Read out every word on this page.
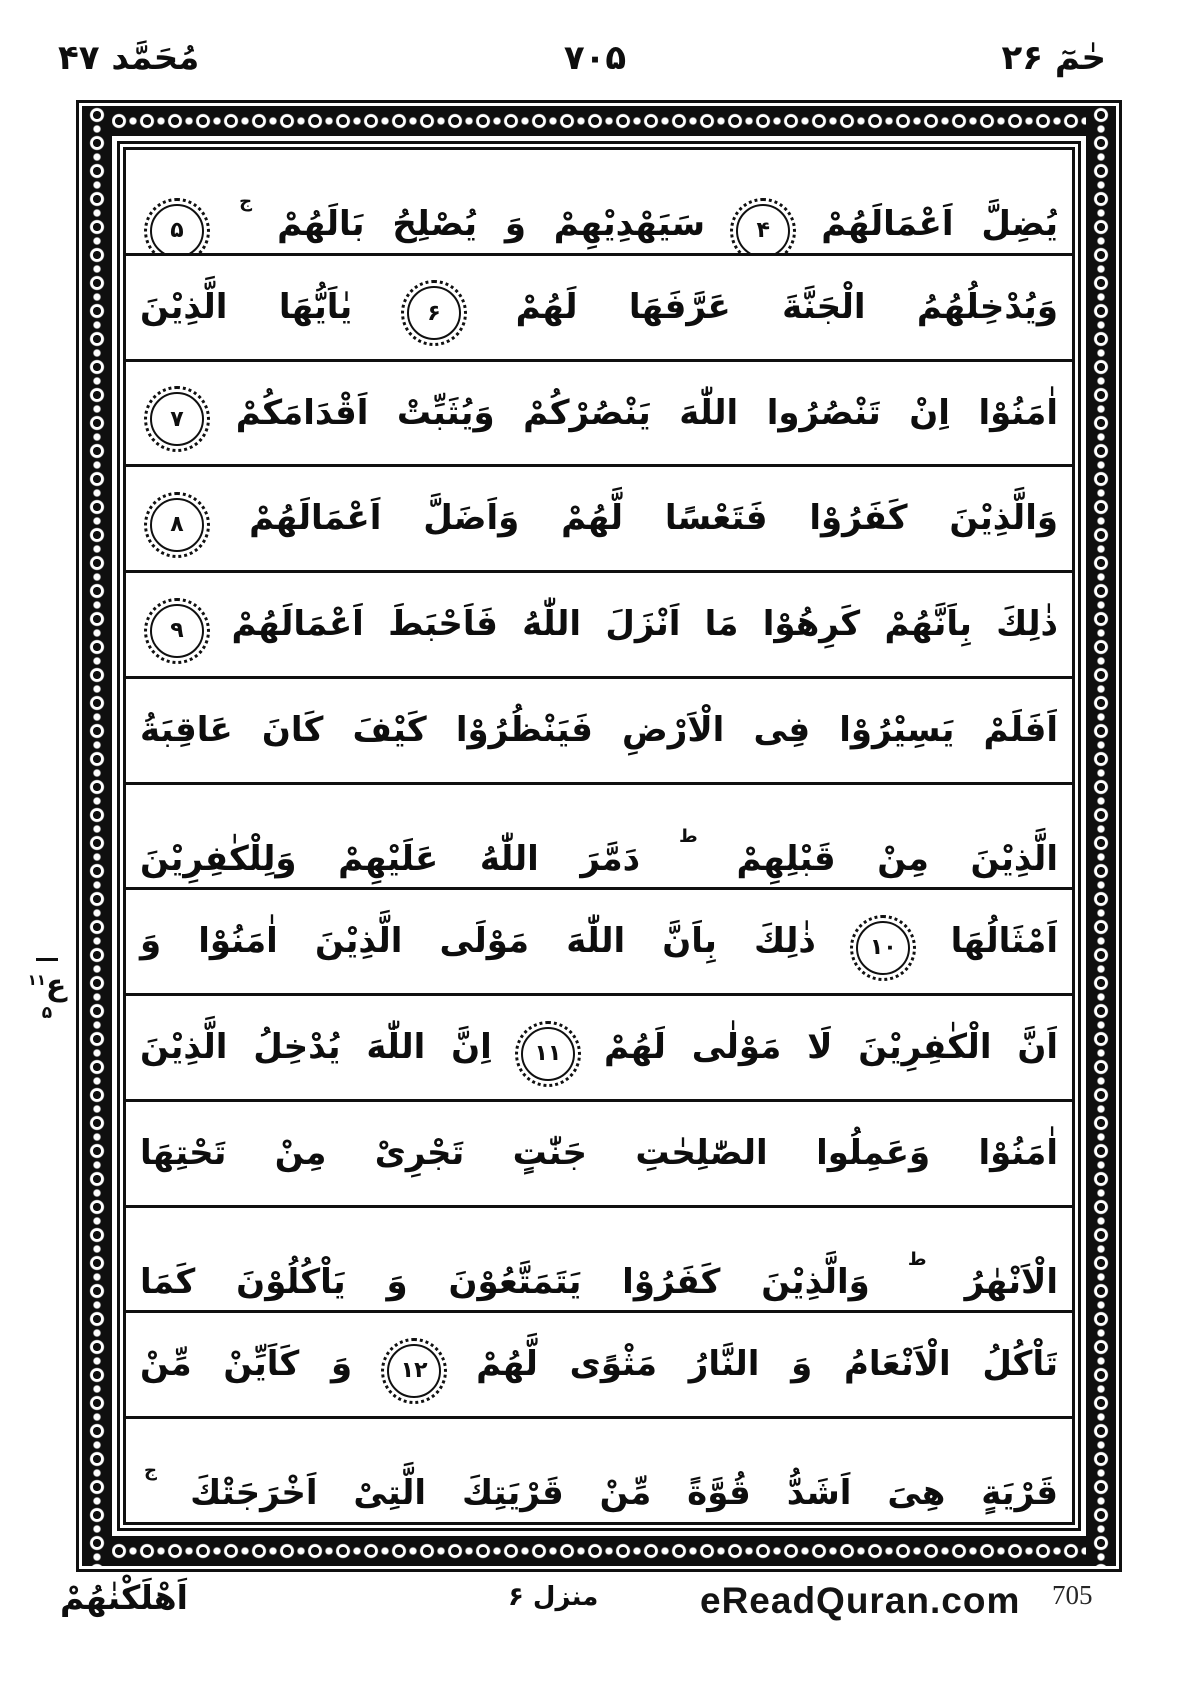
مُحَمَّد ۴۷	۷۰۵	حٰمٓ ۲۶
يُضِلَّ اَعْمَالَهُمْ ۴ سَيَهْدِيْهِمْ وَ يُصْلِحُ بَالَهُمْ ج ۵
وَيُدْخِلُهُمُ الْجَنَّةَ عَرَّفَهَا لَهُمْ ۶ يٰاَيُّهَا الَّذِيْنَ
اٰمَنُوْا اِنْ تَنْصُرُوا اللّٰهَ يَنْصُرْكُمْ وَيُثَبِّتْ اَقْدَامَكُمْ ۷
وَالَّذِيْنَ كَفَرُوْا فَتَعْسًا لَّهُمْ وَاَضَلَّ اَعْمَالَهُمْ ۸
ذٰلِكَ بِاَنَّهُمْ كَرِهُوْا مَا اَنْزَلَ اللّٰهُ فَاَحْبَطَ اَعْمَالَهُمْ ۹
اَفَلَمْ يَسِيْرُوْا فِى الْاَرْضِ فَيَنْظُرُوْا كَيْفَ كَانَ عَاقِبَةُ
الَّذِيْنَ مِنْ قَبْلِهِمْ ط دَمَّرَ اللّٰهُ عَلَيْهِمْ وَلِلْكٰفِرِيْنَ
اَمْثَالُهَا ۱۰ ذٰلِكَ بِاَنَّ اللّٰهَ مَوْلَى الَّذِيْنَ اٰمَنُوْا وَ
اَنَّ الْكٰفِرِيْنَ لَا مَوْلٰى لَهُمْ ۱۱ اِنَّ اللّٰهَ يُدْخِلُ الَّذِيْنَ
اٰمَنُوْا وَعَمِلُوا الصّٰلِحٰتِ جَنّٰتٍ تَجْرِىْ مِنْ تَحْتِهَا
الْاَنْهٰرُ ط وَالَّذِيْنَ كَفَرُوْا يَتَمَتَّعُوْنَ وَ يَاْكُلُوْنَ كَمَا
تَاْكُلُ الْاَنْعَامُ وَ النَّارُ مَثْوًى لَّهُمْ ۱۲ وَ كَاَيِّنْ مِّنْ
قَرْيَةٍ هِىَ اَشَدُّ قُوَّةً مِّنْ قَرْيَتِكَ الَّتِىْ اَخْرَجَتْكَ ج
ع$^{۱۱}$
۵
اَهْلَكْنٰهُمْ	منزل ۶	eReadQuran.com 705
